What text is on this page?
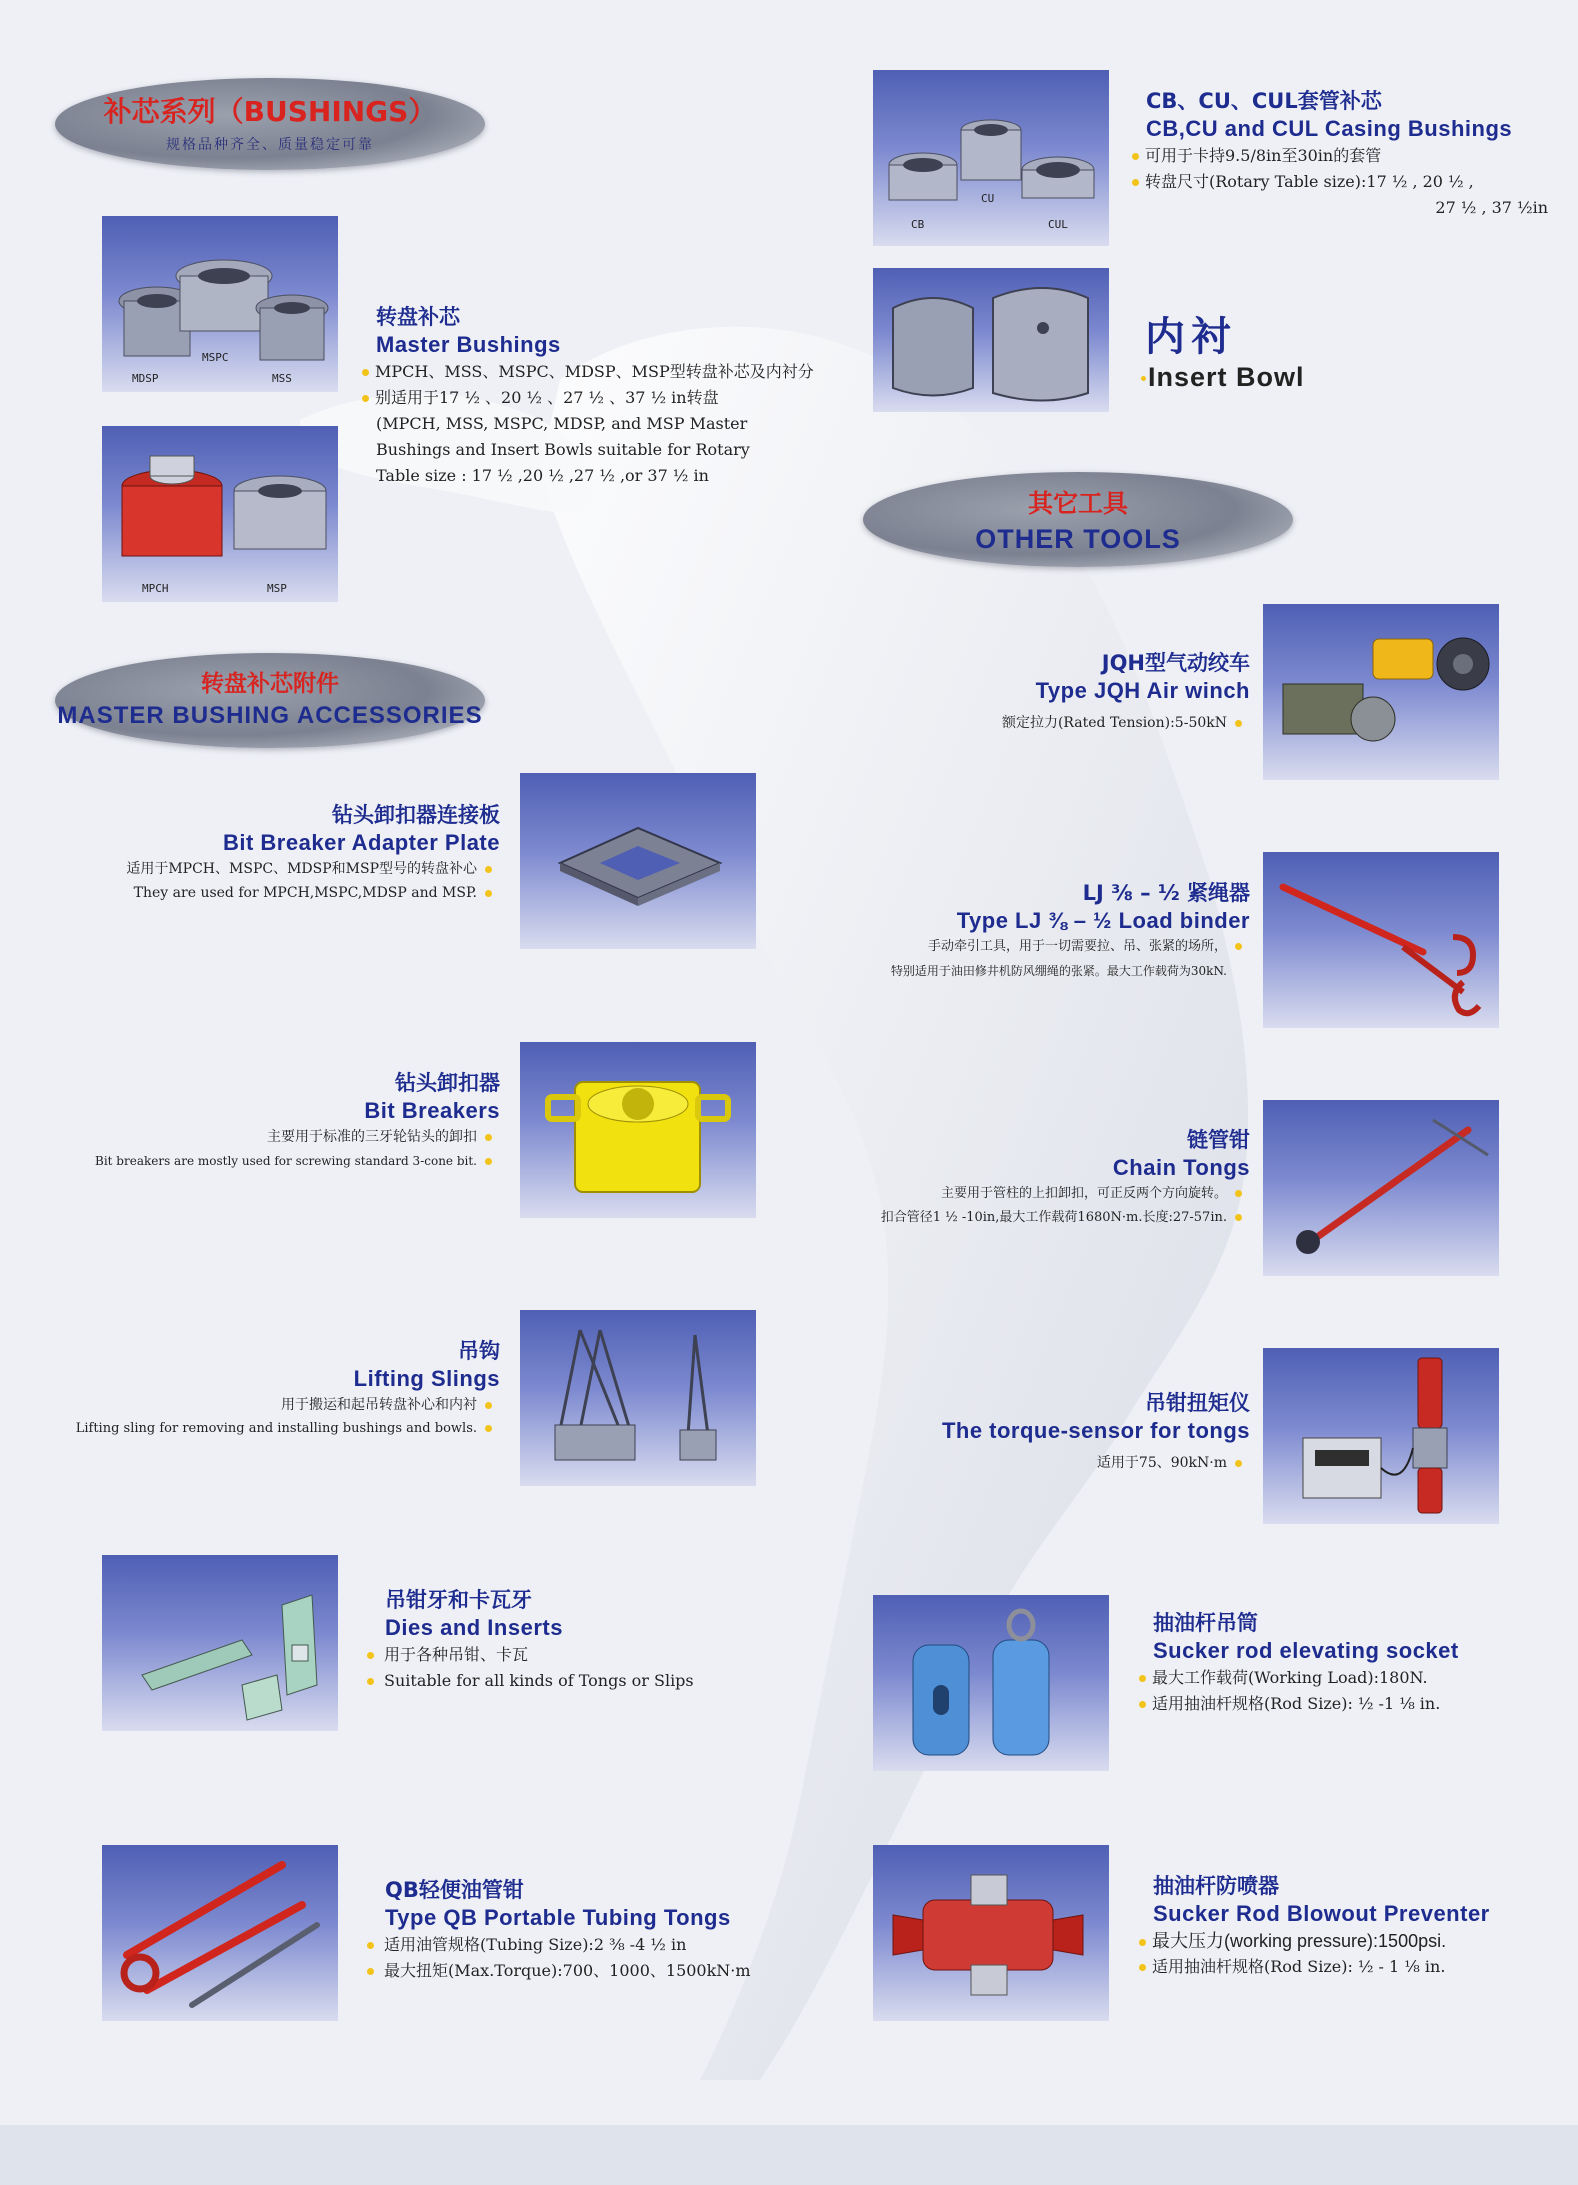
补芯系列（BUSHINGS）
规格品种齐全、质量稳定可靠
转盘补芯附件
MASTER BUSHING ACCESSORIES
其它工具
OTHER TOOLS
MDSP
MSPC
MSS
MPCH	MSP
转盘补芯
Master Bushings
MPCH、MSS、MSPC、MDSP、MSP型转盘补芯及内衬分
别适用于17 ½ 、20 ½ 、27 ½ 、37 ½ in转盘
(MPCH, MSS, MSPC, MDSP, and MSP Master
Bushings and Insert Bowls suitable for Rotary
Table size : 17 ½ ,20 ½ ,27 ½ ,or 37 ½ in
钻头卸扣器连接板
Bit Breaker Adapter Plate
适用于MPCH、MSPC、MDSP和MSP型号的转盘补心
They are used for MPCH,MSPC,MDSP and MSP.
钻头卸扣器
Bit Breakers
主要用于标准的三牙轮钻头的卸扣
Bit breakers are mostly used for screwing standard 3-cone bit.
吊钩
Lifting Slings
用于搬运和起吊转盘补心和内衬
Lifting sling for removing and installing bushings and bowls.
吊钳牙和卡瓦牙
Dies and Inserts
用于各种吊钳、卡瓦
Suitable for all kinds of Tongs or Slips
QB轻便油管钳
Type QB Portable Tubing Tongs
适用油管规格(Tubing Size):2 ⅜ -4 ½ in
最大扭矩(Max.Torque):700、1000、1500kN·m
CB
CU
CUL
CB、CU、CUL套管补芯
CB,CU and CUL Casing Bushings
可用于卡持9.5/8in至30in的套管
转盘尺寸(Rotary Table size):17 ½ , 20 ½ ,
27 ½ , 37 ½in
内衬
Insert Bowl
JQH型气动绞车
Type JQH Air winch
额定拉力(Rated Tension):5-50kN
LJ ⅜ – ½ 紧绳器
Type LJ ⅜ – ½ Load binder
手动牵引工具，用于一切需要拉、吊、张紧的场所，
特别适用于油田修井机防风绷绳的张紧。最大工作载荷为30kN.
链管钳
Chain Tongs
主要用于管柱的上扣卸扣，可正反两个方向旋转。
扣合管径1 ½ -10in,最大工作载荷1680N·m.长度:27-57in.
吊钳扭矩仪
The torque-sensor for tongs
适用于75、90kN·m
抽油杆吊筒
Sucker rod elevating socket
最大工作载荷(Working Load):180N.
适用抽油杆规格(Rod Size): ½ -1 ⅛ in.
抽油杆防喷器
Sucker Rod Blowout Preventer
最大压力(working pressure):1500psi.
适用抽油杆规格(Rod Size): ½ - 1 ⅛ in.
